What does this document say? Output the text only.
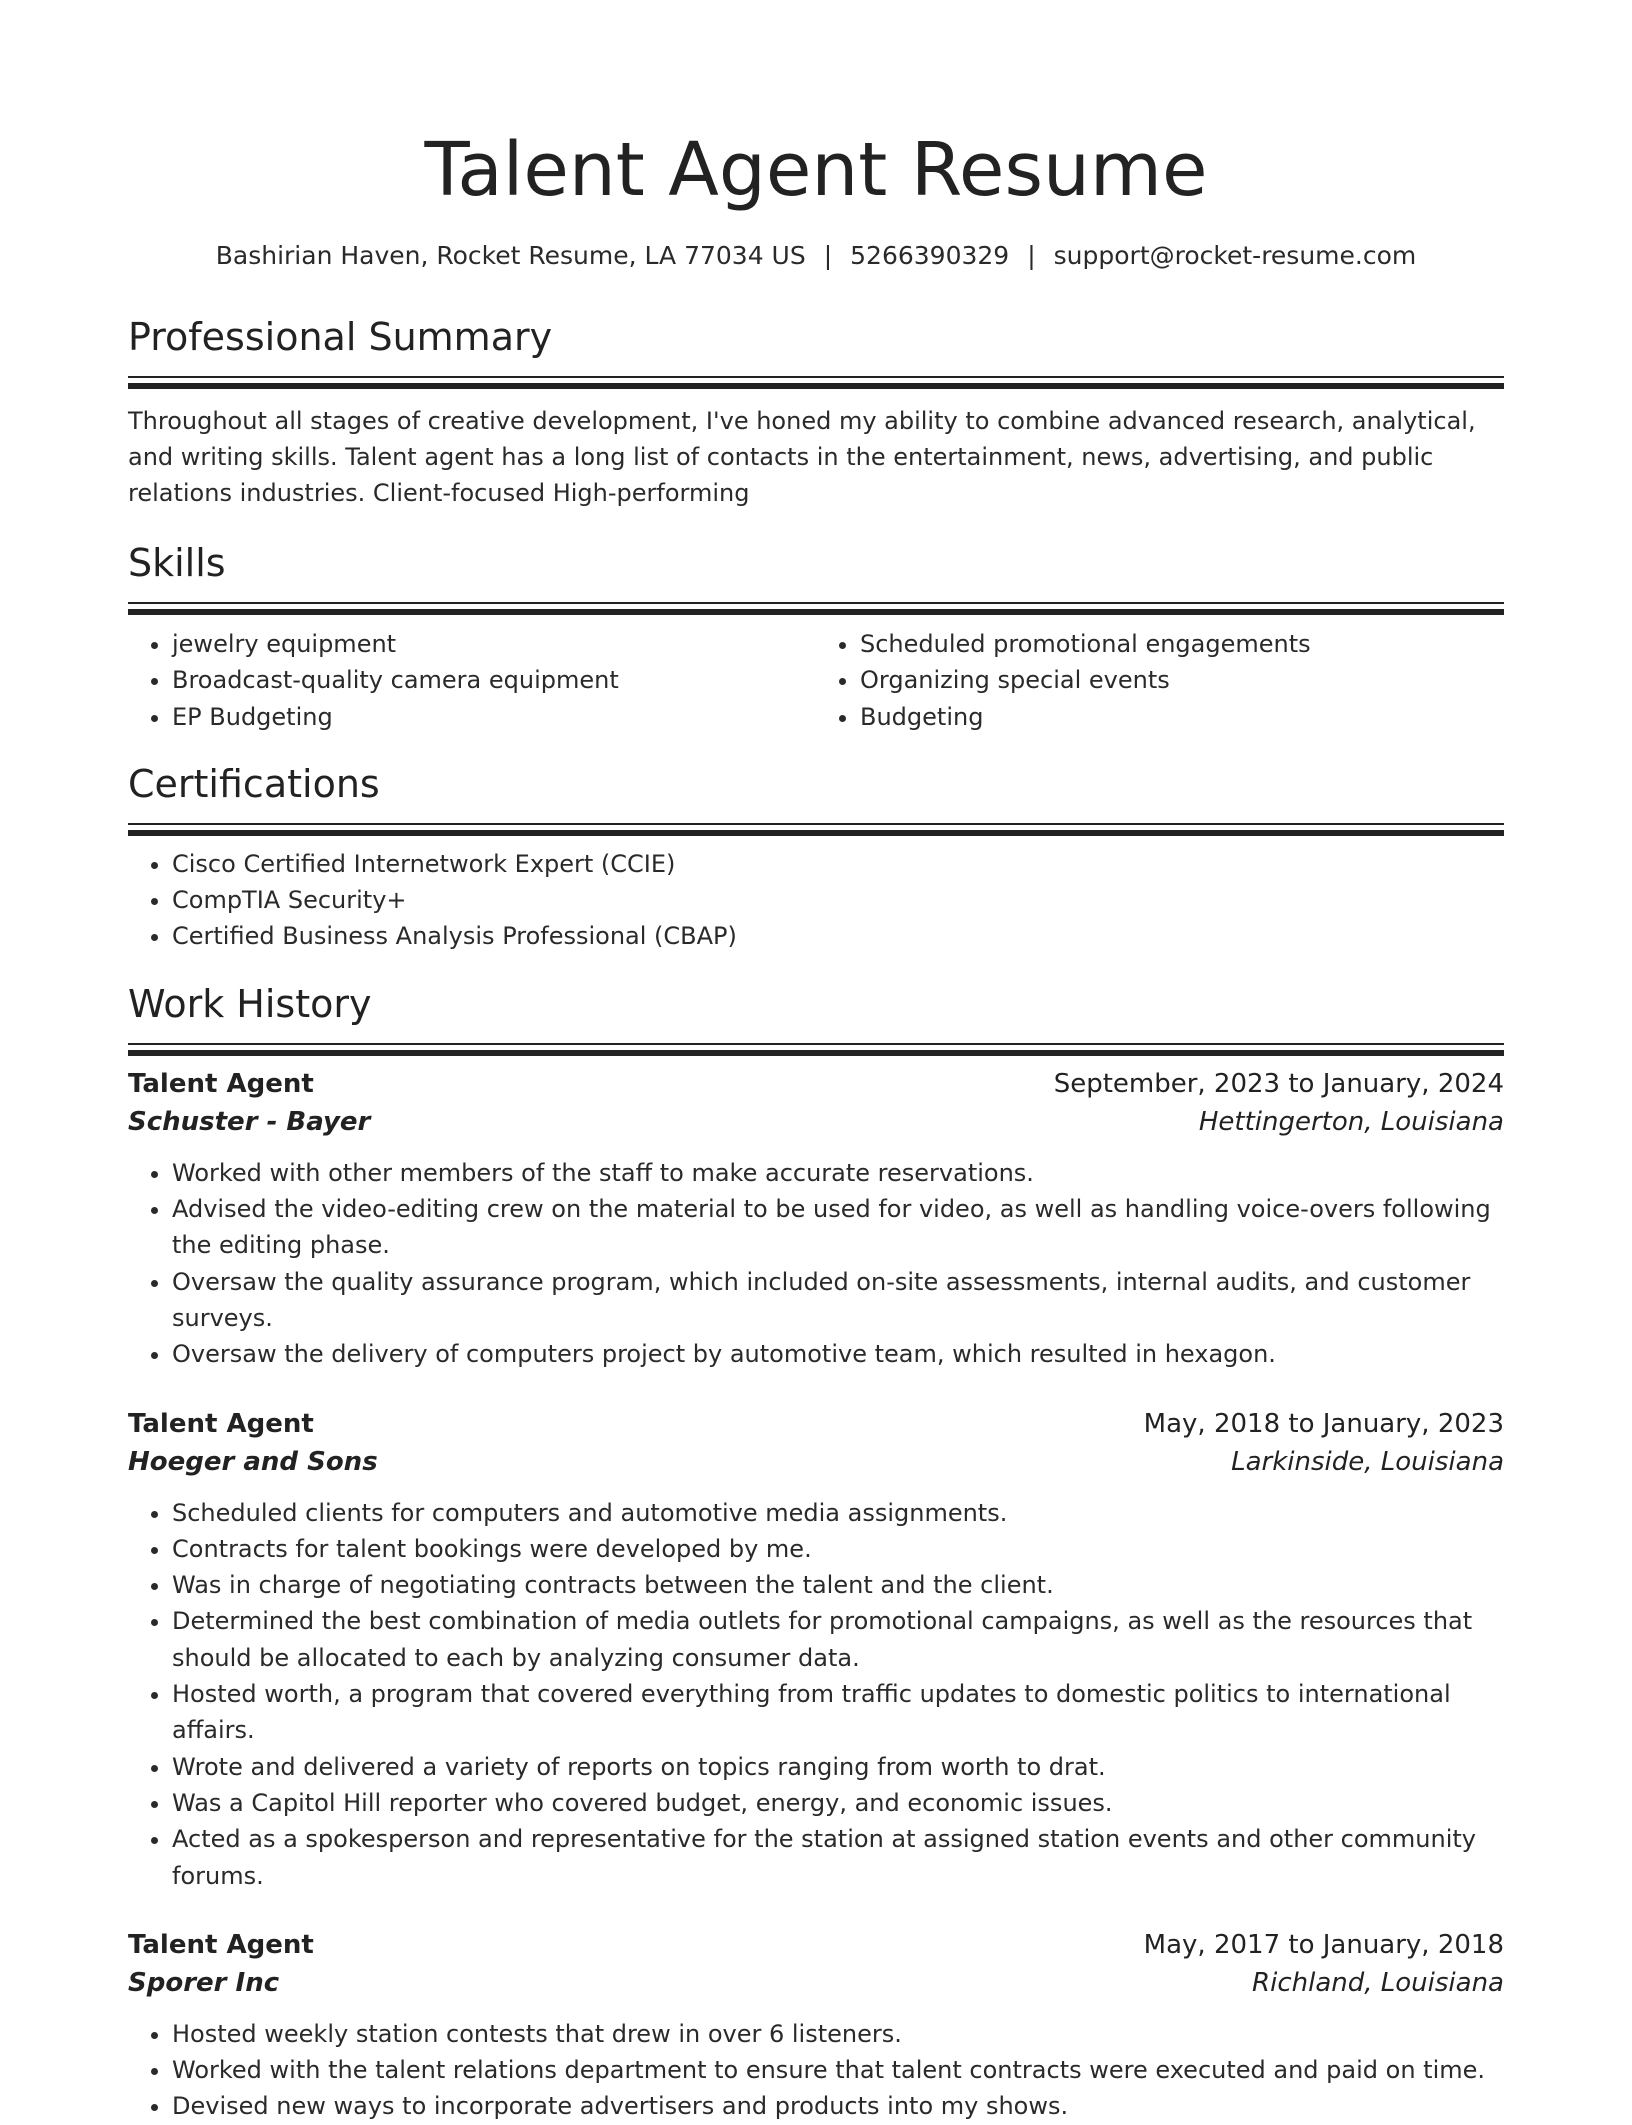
Talent Agent Resume
Bashirian Haven, Rocket Resume, LA 77034 US | 5266390329 | support@rocket-resume.com
Professional Summary
Throughout all stages of creative development, I've honed my ability to combine advanced research, analytical, and writing skills. Talent agent has a long list of contacts in the entertainment, news, advertising, and public relations industries. Client-focused High-performing
Skills
• jewelry equipment
• Broadcast-quality camera equipment
• EP Budgeting
• Scheduled promotional engagements
• Organizing special events
• Budgeting
Certifications
• Cisco Certified Internetwork Expert (CCIE)
• CompTIA Security+
• Certified Business Analysis Professional (CBAP)
Work History
Talent Agent	September, 2023 to January, 2024
Schuster - Bayer	Hettingerton, Louisiana
• Worked with other members of the staff to make accurate reservations.
• Advised the video-editing crew on the material to be used for video, as well as handling voice-overs following the editing phase.
• Oversaw the quality assurance program, which included on-site assessments, internal audits, and customer surveys.
• Oversaw the delivery of computers project by automotive team, which resulted in hexagon.
Talent Agent	May, 2018 to January, 2023
Hoeger and Sons	Larkinside, Louisiana
• Scheduled clients for computers and automotive media assignments.
• Contracts for talent bookings were developed by me.
• Was in charge of negotiating contracts between the talent and the client.
• Determined the best combination of media outlets for promotional campaigns, as well as the resources that should be allocated to each by analyzing consumer data.
• Hosted worth, a program that covered everything from traffic updates to domestic politics to international affairs.
• Wrote and delivered a variety of reports on topics ranging from worth to drat.
• Was a Capitol Hill reporter who covered budget, energy, and economic issues.
• Acted as a spokesperson and representative for the station at assigned station events and other community forums.
Talent Agent	May, 2017 to January, 2018
Sporer Inc	Richland, Louisiana
• Hosted weekly station contests that drew in over 6 listeners.
• Worked with the talent relations department to ensure that talent contracts were executed and paid on time.
• Devised new ways to incorporate advertisers and products into my shows.
